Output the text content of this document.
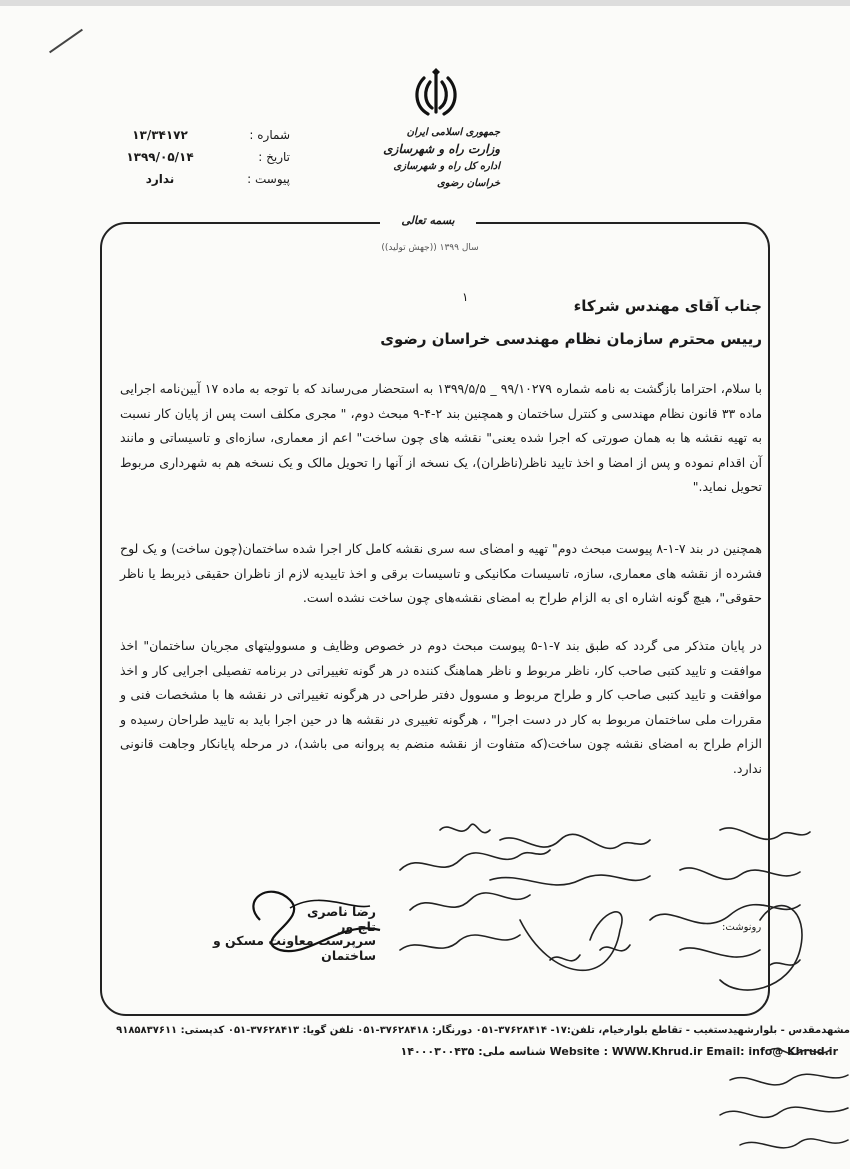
جمهوری اسلامی ایران
وزارت راه و شهرسازی
اداره کل راه و شهرسازی خراسان رضوی
شماره :
۱۳/۳۴۱۷۲
تاریخ :
۱۳۹۹/۰۵/۱۴
پیوست :
ندارد
بسمه تعالی
سال ۱۳۹۹ ((جهش تولید))
۱	جناب آقای مهندس شرکاء
رییس محترم سازمان نظام مهندسی خراسان رضوی
با سلام، احتراما بازگشت به نامه شماره ۹۹/۱۰۲۷۹ _ ۱۳۹۹/۵/۵ به استحضار می‌رساند که با توجه به ماده ۱۷ آیین‌نامه اجرایی ماده ۳۳ قانون نظام مهندسی و کنترل ساختمان و همچنین بند ۲-۴-۹ مبحث دوم، " مجری مکلف است پس از پایان کار نسبت به تهیه نقشه ها به همان صورتی که اجرا شده یعنی" نقشه های چون ساخت" اعم از معماری، سازه‌ای و تاسیساتی و مانند آن اقدام نموده و پس از امضا و اخذ تایید ناظر(ناظران)، یک نسخه از آنها را تحویل مالک و یک نسخه هم به شهرداری مربوط تحویل نماید."
همچنین در بند ۷-۱-۸ پیوست مبحث دوم" تهیه و امضای سه سری نقشه کامل کار اجرا شده ساختمان(چون ساخت) و یک لوح فشرده از نقشه های معماری، سازه، تاسیسات مکانیکی و تاسیسات برقی و اخذ تاییدیه لازم از ناظران حقیقی ذیربط یا ناظر حقوقی"، هیچ گونه اشاره ای به الزام طراح به امضای نقشه‌های چون ساخت نشده است.
در پایان متذکر می گردد که طبق بند ۷-۱-۵ پیوست مبحث دوم در خصوص وظایف و مسوولیتهای مجریان ساختمان" اخذ موافقت و تایید کتبی صاحب کار، ناظر مربوط و ناظر هماهنگ کننده در هر گونه تغییراتی در برنامه تفصیلی اجرایی کار و اخذ موافقت و تایید کتبی صاحب کار و طراح مربوط و مسوول دفتر طراحی در هرگونه تغییراتی در نقشه ها با مشخصات فنی و مقررات ملی ساختمان مربوط به کار در دست اجرا" ، هرگونه تغییری در نقشه ها در حین اجرا باید به تایید طراحان رسیده و الزام طراح به امضای نقشه چون ساخت(که متفاوت از نقشه منضم به پروانه می باشد)، در مرحله پایانکار وجاهت قانونی ندارد.
رضا ناصری تاج ور
سرپرست معاونت مسکن و ساختمان
رونوشت:
مشهدمقدس - بلوارشهیدستغیب - تقاطع بلوارخیام، تلفن:۱۷- ۳۷۶۲۸۴۱۴-۰۵۱ دورنگار: ۳۷۶۲۸۴۱۸-۰۵۱ تلفن گویا: ۳۷۶۲۸۴۱۳-۰۵۱ کدپستی: ۹۱۸۵۸۳۷۶۱۱
Website : WWW.Khrud.ir Email: info@ Khrud.ir شناسه ملی: ۱۴۰۰۰۳۰۰۴۳۵
